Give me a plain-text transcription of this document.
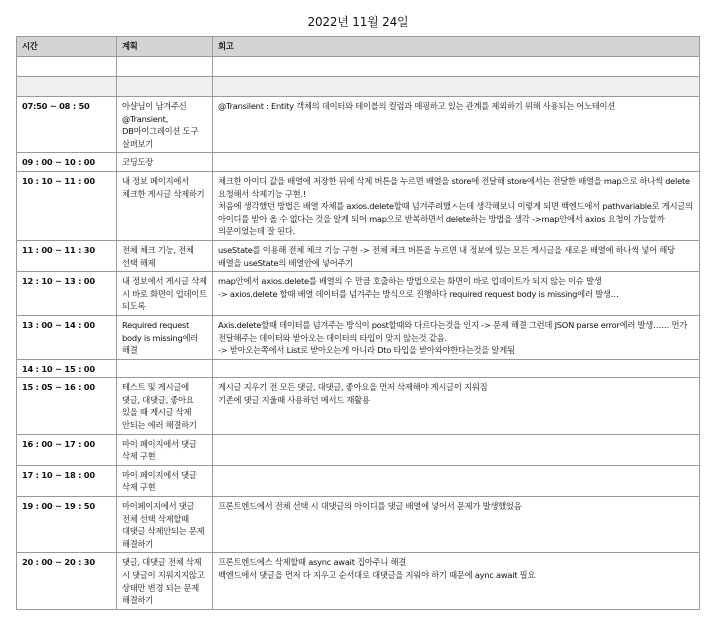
2022년 11월 24일
시간	계획	회고

07:50 ~ 08 : 50	아샬님이 남겨주신 @Transient, DB마이그레이션 도구 살펴보기	@Transilent : Entity 객체의 데이터와 테이블의 컬럼과 매핑하고 있는 관계를 제외하기 위해 사용되는 어노테이션

09 : 00 ~ 10 : 00	코딩도장	
10 : 10 ~ 11 : 00	내 정보 페이지에서 체크한 게시글 삭제하기	체크한 아이디 값을 배열에 저장한 뒤에 삭제 버튼을 누르면 배열을 store에 전달해 store에서는 전달한 배열을 map으로 하나씩 delete 요청해서 삭제기능 구현.!
처음에 생각했던 방법은 배열 자체를 axios.delete할때 넘겨주려했ㅅ는데 생각해보니 이렇게 되면 백엔드에서 pathvariable로 게시글의 아이디를 받아 올 수 없다는 것을 알게 되어 map으로 반복하면서 delete하는 방법을 생각 ->map안에서 axios 요청이 가능할까 의문이었는데 잘 된다.

11 : 00 ~ 11 : 30	전체 체크 기능, 전체 선택 해제	useState를 이용해 전체 체크 기능 구현 -> 전체 체크 버튼을 누르면 내 정보에 있는 모든 게시글을 새로운 배열에 하나씩 넣어 해당 배열을 useState의 배열안에 넣어주기

12 : 10 ~ 13 : 00	내 정보에서 게시글 삭제 시 바로 화면이 업데이트 되도록	map안에서 axios.delete를 배열의 수 만큼 호출하는 방법으로는 화면이 바로 업데이트가 되지 않는 이슈 발생
-> axios.delete 할때 배열 데이터를 넘겨주는 방식으로 진행하다 required request body is missing에러 발생…

13 : 00 ~ 14 : 00	Required request body is missing에러 해결	Axis.delete할때 데이터를 넘겨주는 방식이 post할때와 다르다는것을 인지 -> 문제 해결 그런데 JSON parse error에러 발생…… 먼가 전달해주는 데이터와 받아오는 데이터의 타입이 맞지 않는것 같음.
-> 받아오는쪽에서 List로 받아오는게 아니라 Dto 타입을 받아와야한다는것을 알게됨

14 : 10 ~ 15 : 00		
15 : 05 ~ 16 : 00	테스트 및 게시글에 댓글, 대댓글, 좋아요 있을 때 게시글 삭제 안되는 에러 해결하기	게시글 지우기 전 모든 댓글, 대댓글, 좋아요을 먼저 삭제해야 게시글이 지워짐
기존에 댓글 지울때 사용하던 메서드 재활용

16 : 00 ~ 17 : 00	마이 페이지에서 댓글 삭제 구현	
17 : 10 ~ 18 : 00	마이 페이지에서 댓글 삭제 구현	
19 : 00 ~ 19 : 50	마이페이지에서 댓글 전체 선택 삭제할때 대댓글 삭제안되는 문제 해결하기	프론트엔드에서 전체 선택 시 대댓글의 아이디를 댓글 배열에 넣어서 문제가 발생했었음

20 : 00 ~ 20 : 30	댓글, 대댓글 전체 삭제 시 댓글이 지워지지않고 상태만 변경 되는 문제 해결하기	프론트엔드에스 삭제할때 async await 집아주니 해결
백엔드에서 댓글을 먼저 다 지우고 순서대로 대댓글을 지워야 하기 때문에 aync await 필요
